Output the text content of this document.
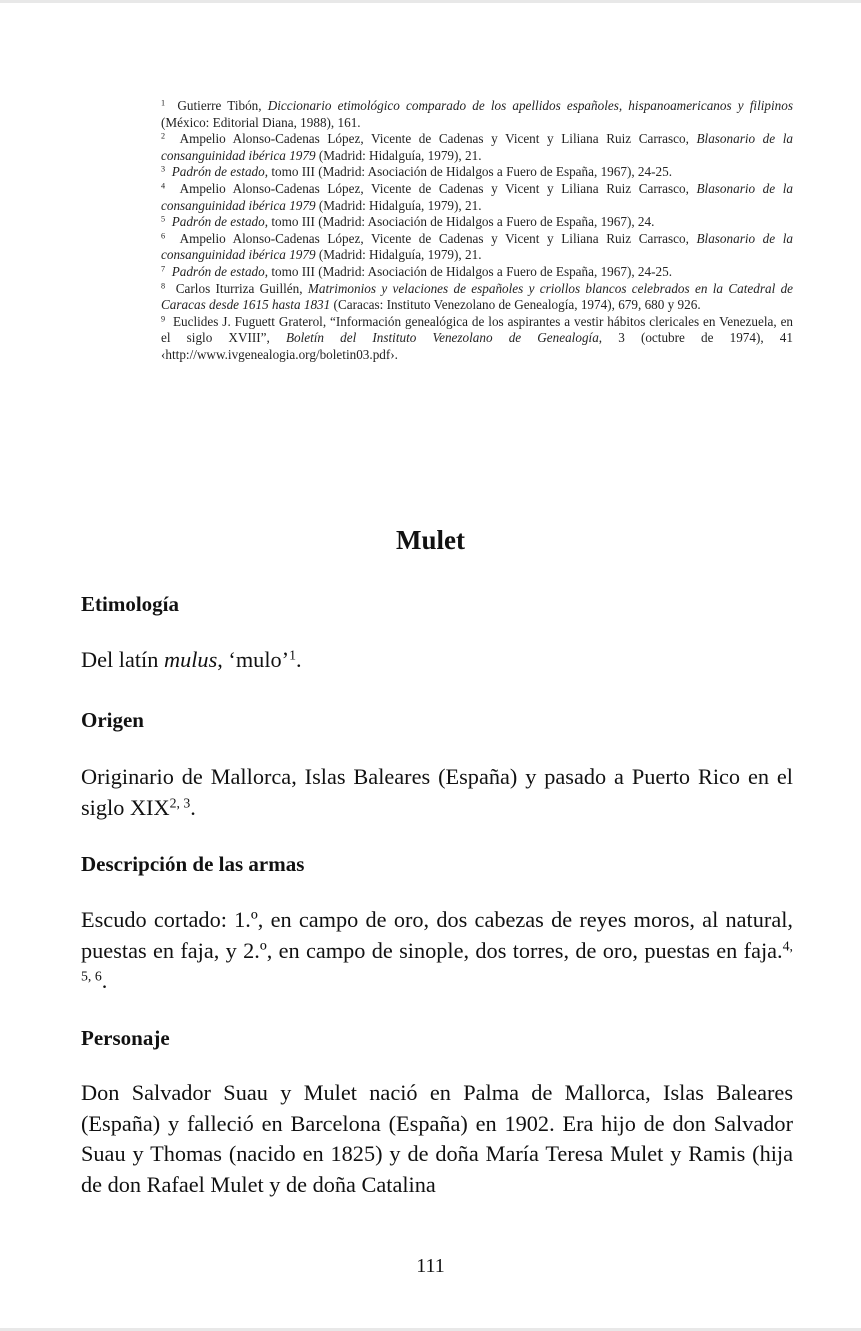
$^1$ Gutierre Tibón, Diccionario etimológico comparado de los apellidos españoles, hispanoamericanos y filipinos (México: Editorial Diana, 1988), 161.

$^2$ Ampelio Alonso-Cadenas López, Vicente de Cadenas y Vicent y Liliana Ruiz Carrasco, Blasonario de la consanguinidad ibérica 1979 (Madrid: Hidalguía, 1979), 21.

$^3$ Padrón de estado, tomo III (Madrid: Asociación de Hidalgos a Fuero de España, 1967), 24-25.

$^4$ Ampelio Alonso-Cadenas López, Vicente de Cadenas y Vicent y Liliana Ruiz Carrasco, Blasonario de la consanguinidad ibérica 1979 (Madrid: Hidalguía, 1979), 21.

$^5$ Padrón de estado, tomo III (Madrid: Asociación de Hidalgos a Fuero de España, 1967), 24.

$^6$ Ampelio Alonso-Cadenas López, Vicente de Cadenas y Vicent y Liliana Ruiz Carrasco, Blasonario de la consanguinidad ibérica 1979 (Madrid: Hidalguía, 1979), 21.

$^7$ Padrón de estado, tomo III (Madrid: Asociación de Hidalgos a Fuero de España, 1967), 24-25.

$^8$ Carlos Iturriza Guillén, Matrimonios y velaciones de españoles y criollos blancos celebrados en la Catedral de Caracas desde 1615 hasta 1831 (Caracas: Instituto Venezolano de Genealogía, 1974), 679, 680 y 926.

$^9$ Euclides J. Fuguett Graterol, “Información genealógica de los aspirantes a vestir hábitos clericales en Venezuela, en el siglo XVIII”, Boletín del Instituto Venezolano de Genealogía, 3 (octubre de 1974), 41 ‹http://www.ivgenealogia.org/boletin03.pdf›.

Mulet
Etimología
Del latín mulus, ‘mulo’$^1$.
Origen
Originario de Mallorca, Islas Baleares (España) y pasado a Puerto Rico en el siglo XIX$^{2, 3}$.
Descripción de las armas
Escudo cortado: 1.º, en campo de oro, dos cabezas de reyes moros, al natural, puestas en faja, y 2.º, en campo de sinople, dos torres, de oro, puestas en faja.$^{4, 5, 6}$.
Personaje
Don Salvador Suau y Mulet nació en Palma de Mallorca, Islas Baleares (España) y falleció en Barcelona (España) en 1902. Era hijo de don Salvador Suau y Thomas (nacido en 1825) y de doña María Teresa Mulet y Ramis (hija de don Rafael Mulet y de doña Catalina
111
